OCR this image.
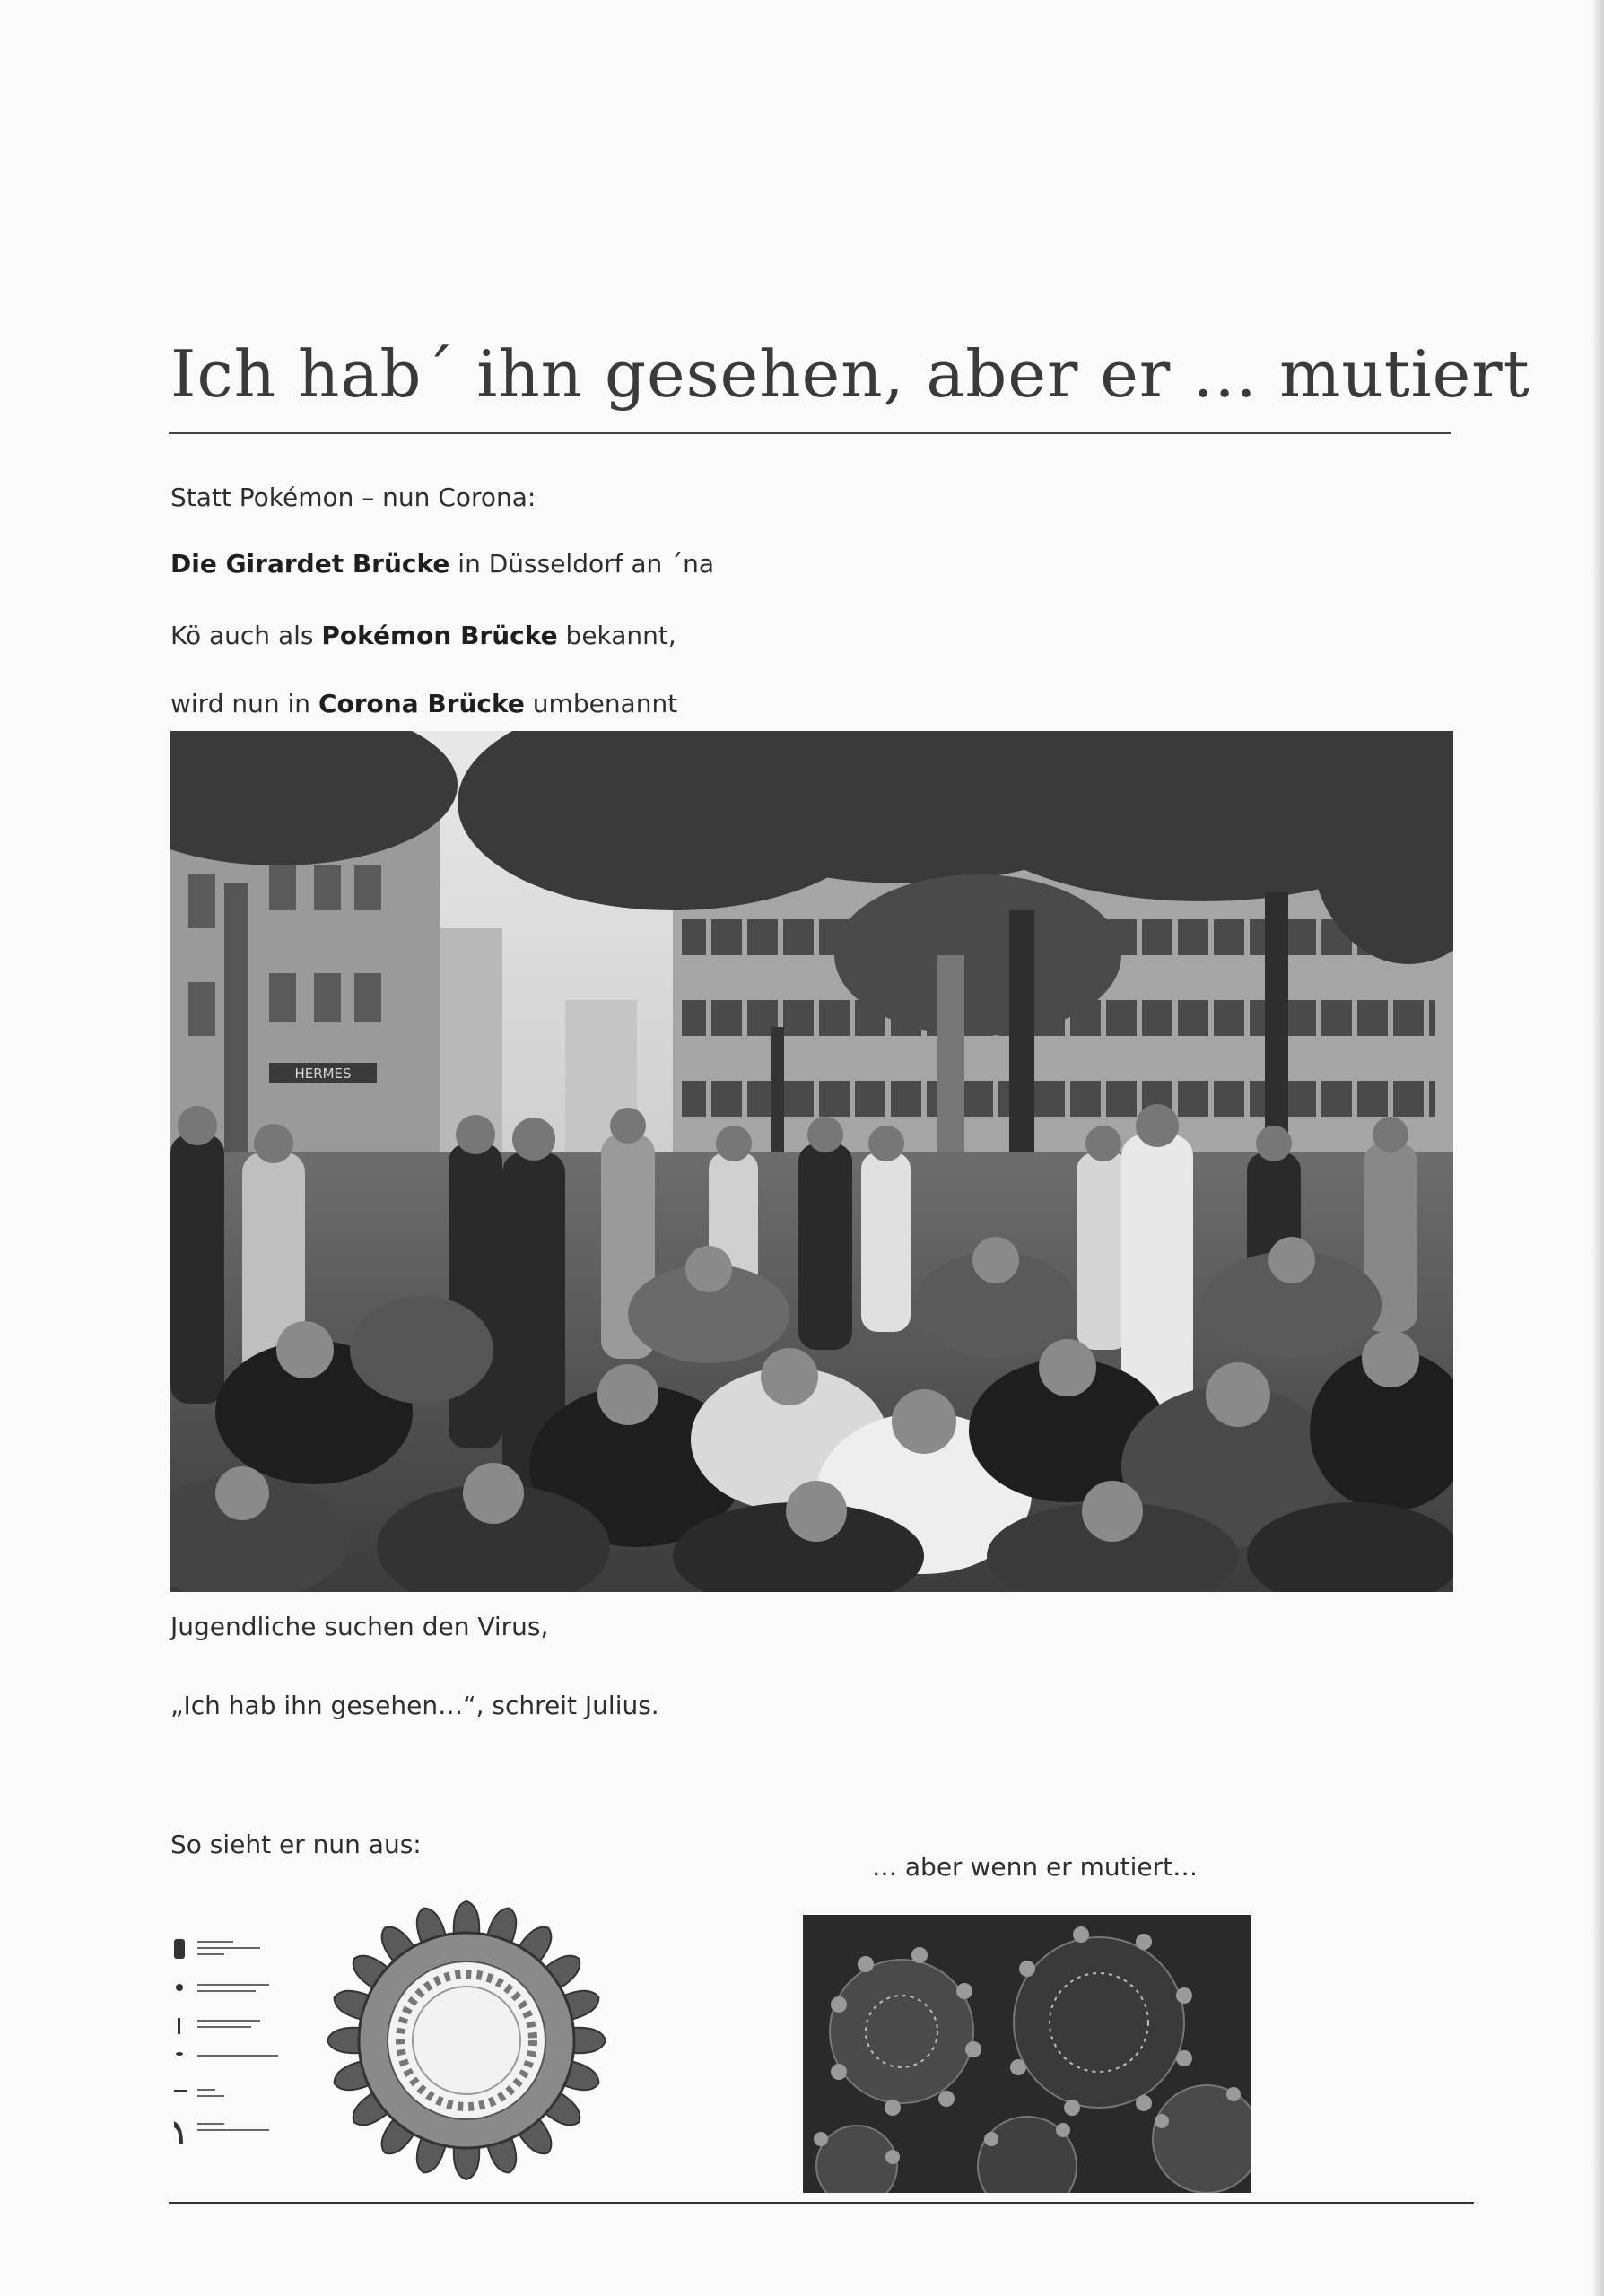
Ich hab´ ihn gesehen, aber er … mutiert
Statt Pokémon – nun Corona:
Die Girardet Brücke in Düsseldorf an ´na
Kö auch als Pokémon Brücke bekannt,
wird nun in Corona Brücke umbenannt
HERMES
Jugendliche suchen den Virus,
„Ich hab ihn gesehen…“, schreit Julius.
So sieht er nun aus:
… aber wenn er mutiert…
